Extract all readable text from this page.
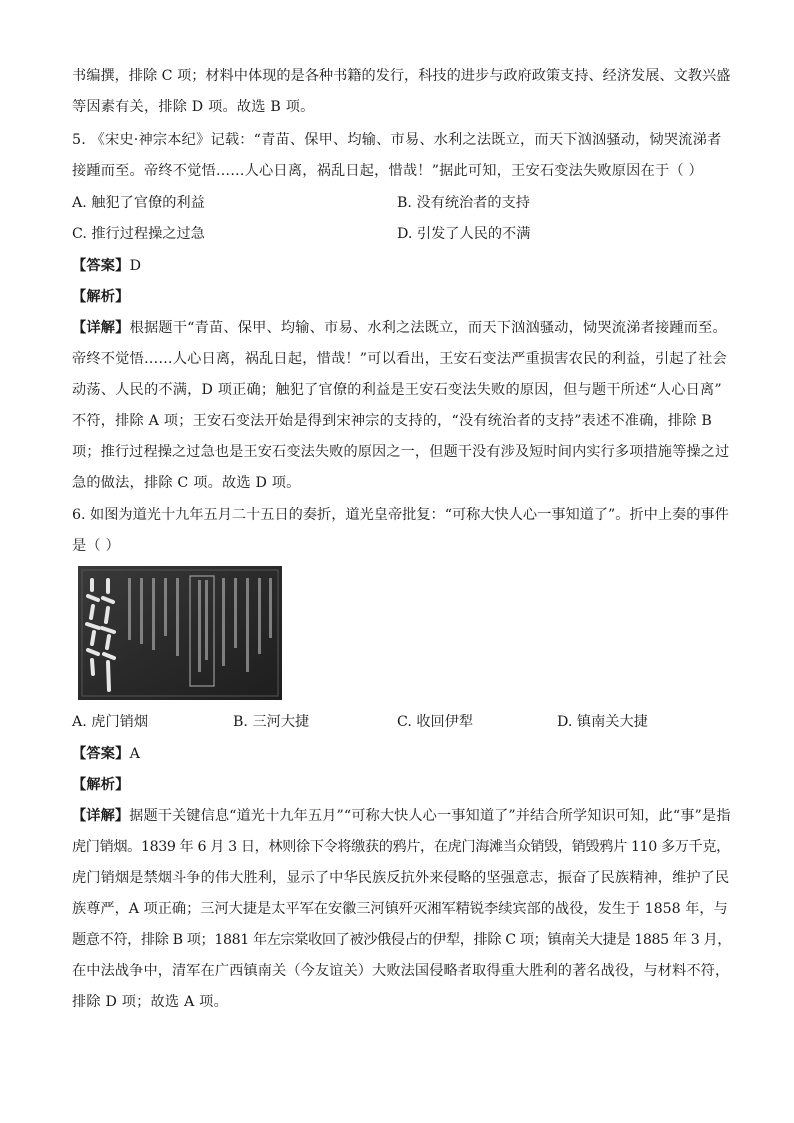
书编撰，排除 C 项；材料中体现的是各种书籍的发行，科技的进步与政府政策支持、经济发展、文教兴盛
等因素有关，排除 D 项。故选 B 项。
5. 《宋史·神宗本纪》记载：“青苗、保甲、均输、市易、水利之法既立，而天下汹汹骚动，恸哭流涕者
接踵而至。帝终不觉悟……人心日离，祸乱日起，惜哉！”据此可知，王安石变法失败原因在于（ ）
A. 触犯了官僚的利益	B. 没有统治者的支持
C. 推行过程操之过急	D. 引发了人民的不满
【答案】D
【解析】
【详解】根据题干“青苗、保甲、均输、市易、水利之法既立，而天下汹汹骚动，恸哭流涕者接踵而至。
帝终不觉悟……人心日离，祸乱日起，惜哉！”可以看出，王安石变法严重损害农民的利益，引起了社会
动荡、人民的不满，D 项正确；触犯了官僚的利益是王安石变法失败的原因，但与题干所述“人心日离”
不符，排除 A 项；王安石变法开始是得到宋神宗的支持的，“没有统治者的支持”表述不准确，排除 B
项；推行过程操之过急也是王安石变法失败的原因之一，但题干没有涉及短时间内实行多项措施等操之过
急的做法，排除 C 项。故选 D 项。
6. 如图为道光十九年五月二十五日的奏折，道光皇帝批复：“可称大快人心一事知道了”。折中上奏的事件
是（ ）
A. 虎门销烟	B. 三河大捷	C. 收回伊犁	D. 镇南关大捷
【答案】A
【解析】
【详解】据题干关键信息“道光十九年五月”“可称大快人心一事知道了”并结合所学知识可知，此“事”是指
虎门销烟。1839 年 6 月 3 日，林则徐下令将缴获的鸦片，在虎门海滩当众销毁，销毁鸦片 110 多万千克，
虎门销烟是禁烟斗争的伟大胜利，显示了中华民族反抗外来侵略的坚强意志，振奋了民族精神，维护了民
族尊严，A 项正确；三河大捷是太平军在安徽三河镇歼灭湘军精锐李续宾部的战役，发生于 1858 年，与
题意不符，排除 B 项；1881 年左宗棠收回了被沙俄侵占的伊犁，排除 C 项；镇南关大捷是 1885 年 3 月，
在中法战争中，清军在广西镇南关（今友谊关）大败法国侵略者取得重大胜利的著名战役，与材料不符，
排除 D 项；故选 A 项。
